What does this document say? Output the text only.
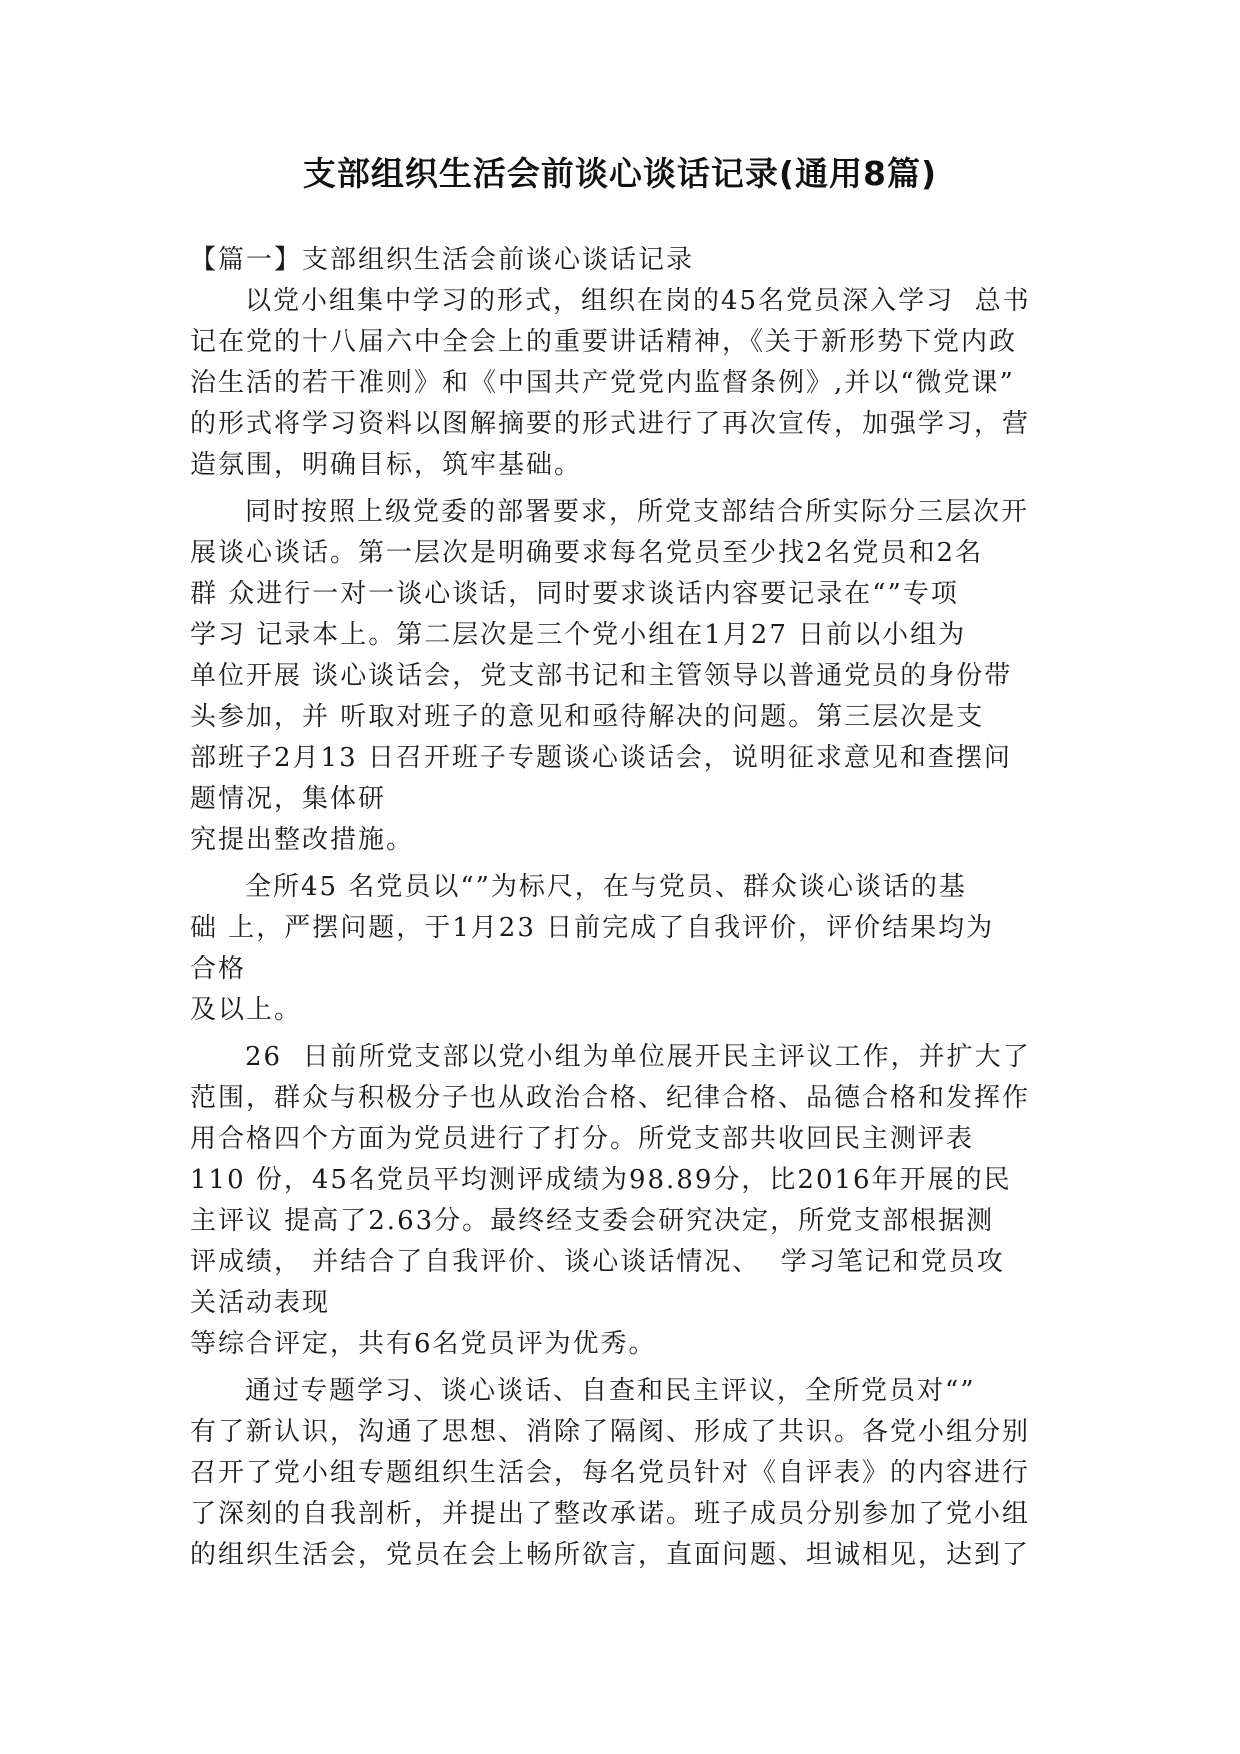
支部组织生活会前谈心谈话记录(通用8篇)
【篇一】支部组织生活会前谈心谈话记录
以党小组集中学习的形式，组织在岗的45名党员深入学习  总书
记在党的十八届六中全会上的重要讲话精神，《关于新形势下党内政
治生活的若干准则》和《中国共产党党内监督条例》,并以“微党课”
的形式将学习资料以图解摘要的形式进行了再次宣传，加强学习，营
造氛围，明确目标，筑牢基础。
同时按照上级党委的部署要求，所党支部结合所实际分三层次开
展谈心谈话。第一层次是明确要求每名党员至少找2名党员和2名
群 众进行一对一谈心谈话，同时要求谈话内容要记录在“”专项
学习 记录本上。第二层次是三个党小组在1月27 日前以小组为
单位开展 谈心谈话会，党支部书记和主管领导以普通党员的身份带
头参加，并 听取对班子的意见和亟待解决的问题。第三层次是支
部班子2月13 日召开班子专题谈心谈话会，说明征求意见和查摆问
题情况，集体研
究提出整改措施。
全所45 名党员以“”为标尺，在与党员、群众谈心谈话的基
础 上，严摆问题，于1月23 日前完成了自我评价，评价结果均为
合格
及以上。
26  日前所党支部以党小组为单位展开民主评议工作，并扩大了
范围，群众与积极分子也从政治合格、纪律合格、品德合格和发挥作
用合格四个方面为党员进行了打分。所党支部共收回民主测评表
110 份，45名党员平均测评成绩为98.89分，比2016年开展的民
主评议 提高了2.63分。最终经支委会研究决定，所党支部根据测
评成绩， 并结合了自我评价、谈心谈话情况、  学习笔记和党员攻
关活动表现
等综合评定，共有6名党员评为优秀。
通过专题学习、谈心谈话、自查和民主评议，全所党员对“”
有了新认识，沟通了思想、消除了隔阂、形成了共识。各党小组分别
召开了党小组专题组织生活会，每名党员针对《自评表》的内容进行
了深刻的自我剖析，并提出了整改承诺。班子成员分别参加了党小组
的组织生活会，党员在会上畅所欲言，直面问题、坦诚相见，达到了
